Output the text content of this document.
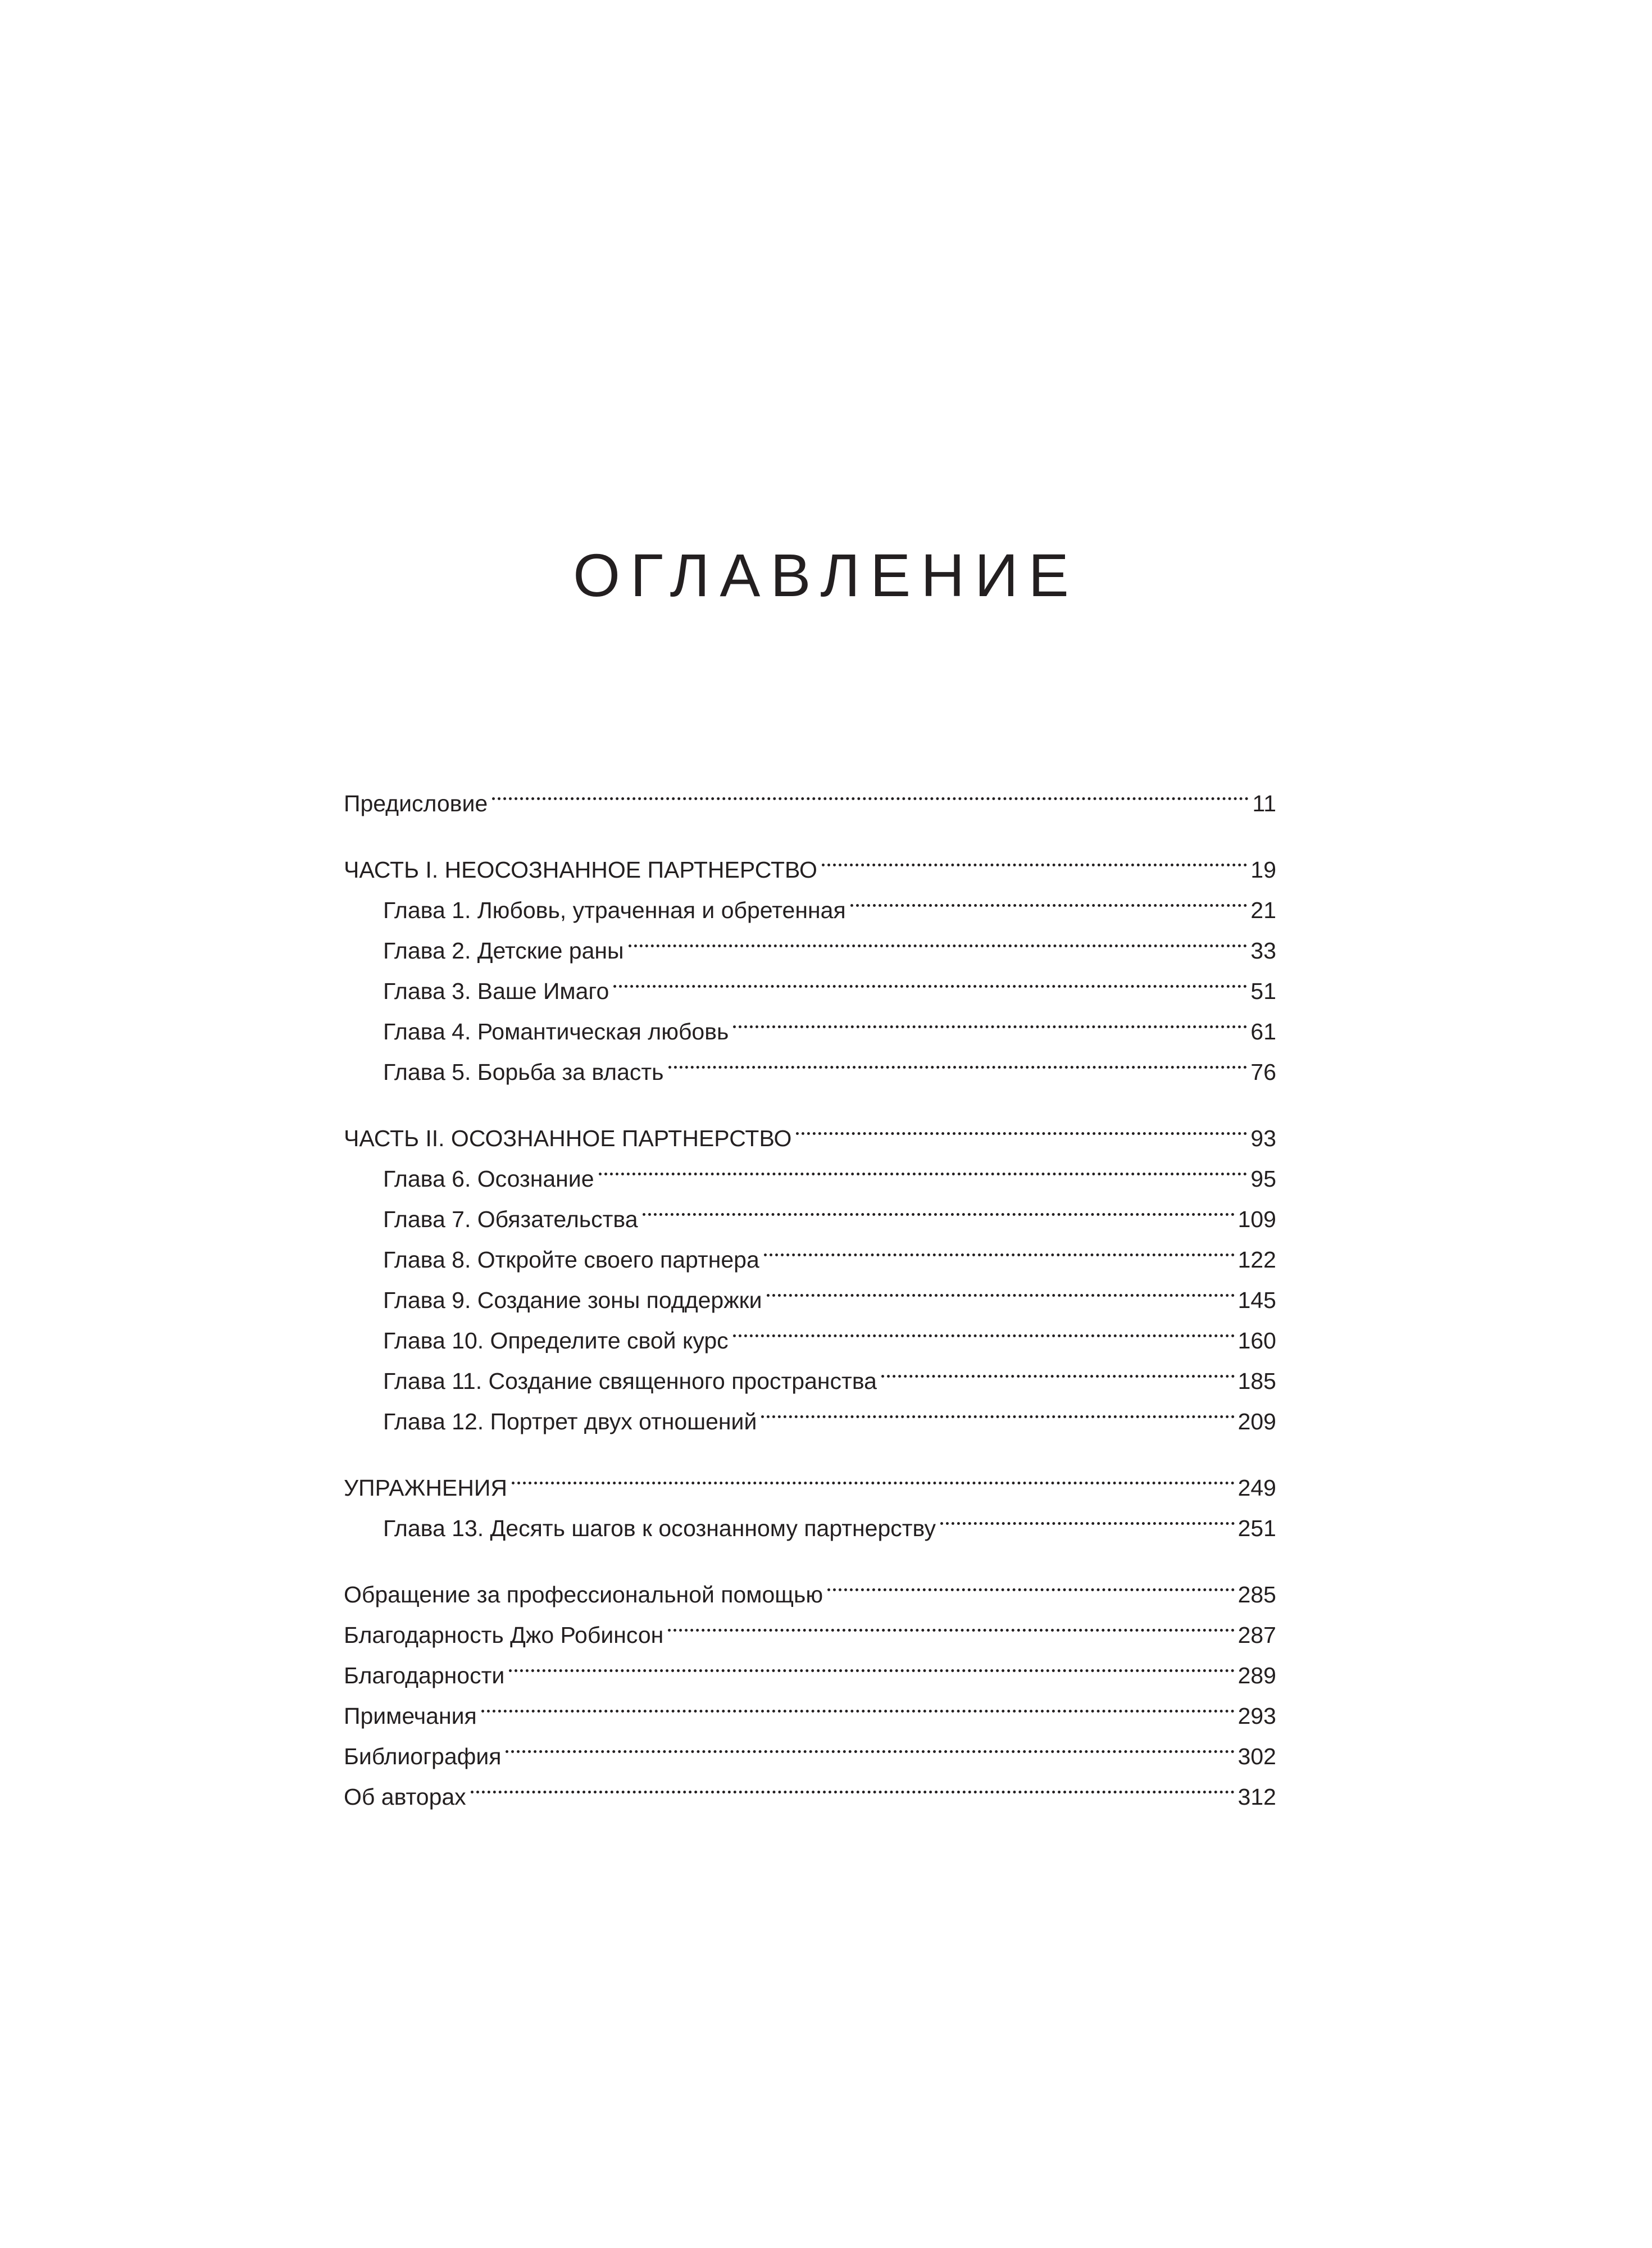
ОГЛАВЛЕНИЕ
Предисловие	11
ЧАСТЬ I. НЕОСОЗНАННОЕ ПАРТНЕРСТВО	19
Глава 1. Любовь, утраченная и обретенная	21
Глава 2. Детские раны	33
Глава 3. Ваше Имаго	51
Глава 4. Романтическая любовь	61
Глава 5. Борьба за власть	76
ЧАСТЬ II. ОСОЗНАННОЕ ПАРТНЕРСТВО	93
Глава 6. Осознание	95
Глава 7. Обязательства	109
Глава 8. Откройте своего партнера	122
Глава 9. Создание зоны поддержки	145
Глава 10. Определите свой курс	160
Глава 11. Создание священного пространства	185
Глава 12. Портрет двух отношений	209
УПРАЖНЕНИЯ	249
Глава 13. Десять шагов к осознанному партнерству	251
Обращение за профессиональной помощью	285
Благодарность Джо Робинсон	287
Благодарности	289
Примечания	293
Библиография	302
Об авторах	312
